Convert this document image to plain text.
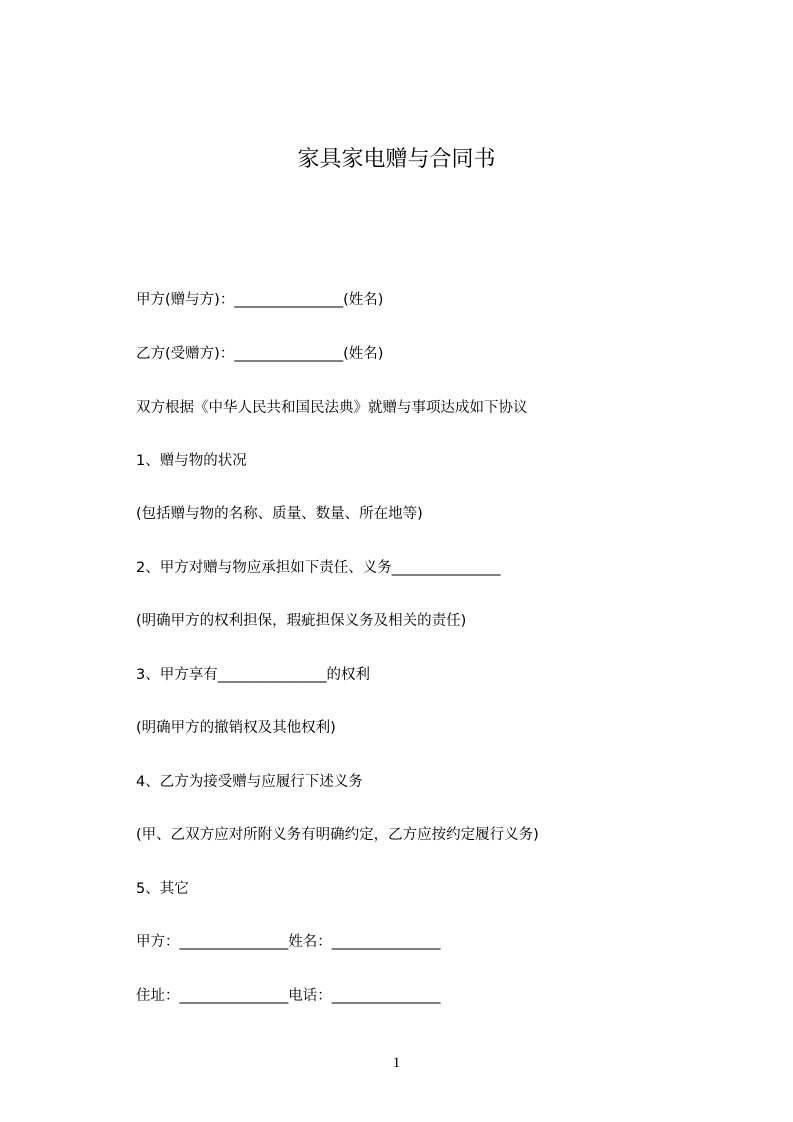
家具家电赠与合同书
甲方(赠与方)：_______________(姓名)
乙方(受赠方)：_______________(姓名)
双方根据《中华人民共和国民法典》就赠与事项达成如下协议
1、赠与物的状况
(包括赠与物的名称、质量、数量、所在地等)
2、甲方对赠与物应承担如下责任、义务_______________
(明确甲方的权利担保，瑕疵担保义务及相关的责任)
3、甲方享有_______________的权利
(明确甲方的撤销权及其他权利)
4、乙方为接受赠与应履行下述义务
(甲、乙双方应对所附义务有明确约定，乙方应按约定履行义务)
5、其它
甲方：_______________姓名：_______________
住址：_______________电话：_______________
1
